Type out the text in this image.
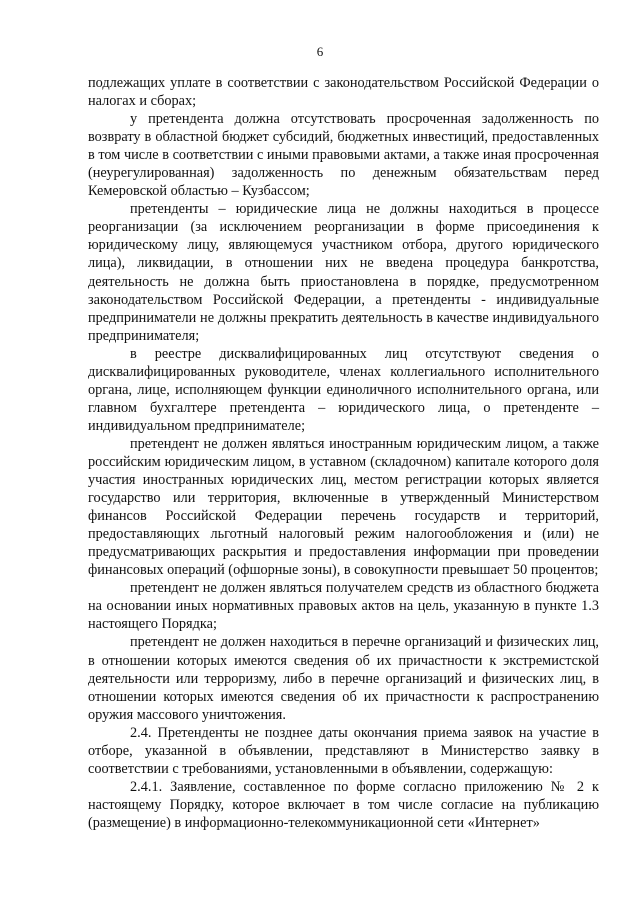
6

подлежащих уплате в соответствии с законодательством Российской Федерации о налогах и сборах;

у претендента должна отсутствовать просроченная задолженность по возврату в областной бюджет субсидий, бюджетных инвестиций, предоставленных в том числе в соответствии с иными правовыми актами, а также иная просроченная (неурегулированная) задолженность по денежным обязательствам перед Кемеровской областью – Кузбассом;

претенденты – юридические лица не должны находиться в процессе реорганизации (за исключением реорганизации в форме присоединения к юридическому лицу, являющемуся участником отбора, другого юридического лица), ликвидации, в отношении них не введена процедура банкротства, деятельность не должна быть приостановлена в порядке, предусмотренном законодательством Российской Федерации, а претенденты - индивидуальные предприниматели не должны прекратить деятельность в качестве индивидуального предпринимателя;

в реестре дисквалифицированных лиц отсутствуют сведения о дисквалифицированных руководителе, членах коллегиального исполнительного органа, лице, исполняющем функции единоличного исполнительного органа, или главном бухгалтере претендента – юридического лица, о претенденте – индивидуальном предпринимателе;

претендент не должен являться иностранным юридическим лицом, а также российским юридическим лицом, в уставном (складочном) капитале которого доля участия иностранных юридических лиц, местом регистрации которых является государство или территория, включенные в утвержденный Министерством финансов Российской Федерации перечень государств и территорий, предоставляющих льготный налоговый режим налогообложения и (или) не предусматривающих раскрытия и предоставления информации при проведении финансовых операций (офшорные зоны), в совокупности превышает 50 процентов;

претендент не должен являться получателем средств из областного бюджета на основании иных нормативных правовых актов на цель, указанную в пункте 1.3 настоящего Порядка;

претендент не должен находиться в перечне организаций и физических лиц, в отношении которых имеются сведения об их причастности к экстремистской деятельности или терроризму, либо в перечне организаций и физических лиц, в отношении которых имеются сведения об их причастности к распространению оружия массового уничтожения.

2.4. Претенденты не позднее даты окончания приема заявок на участие в отборе, указанной в объявлении, представляют в Министерство заявку в соответствии с требованиями, установленными в объявлении, содержащую:

2.4.1. Заявление, составленное по форме согласно приложению № 2 к настоящему Порядку, которое включает в том числе согласие на публикацию (размещение) в информационно-телекоммуникационной сети «Интернет»
